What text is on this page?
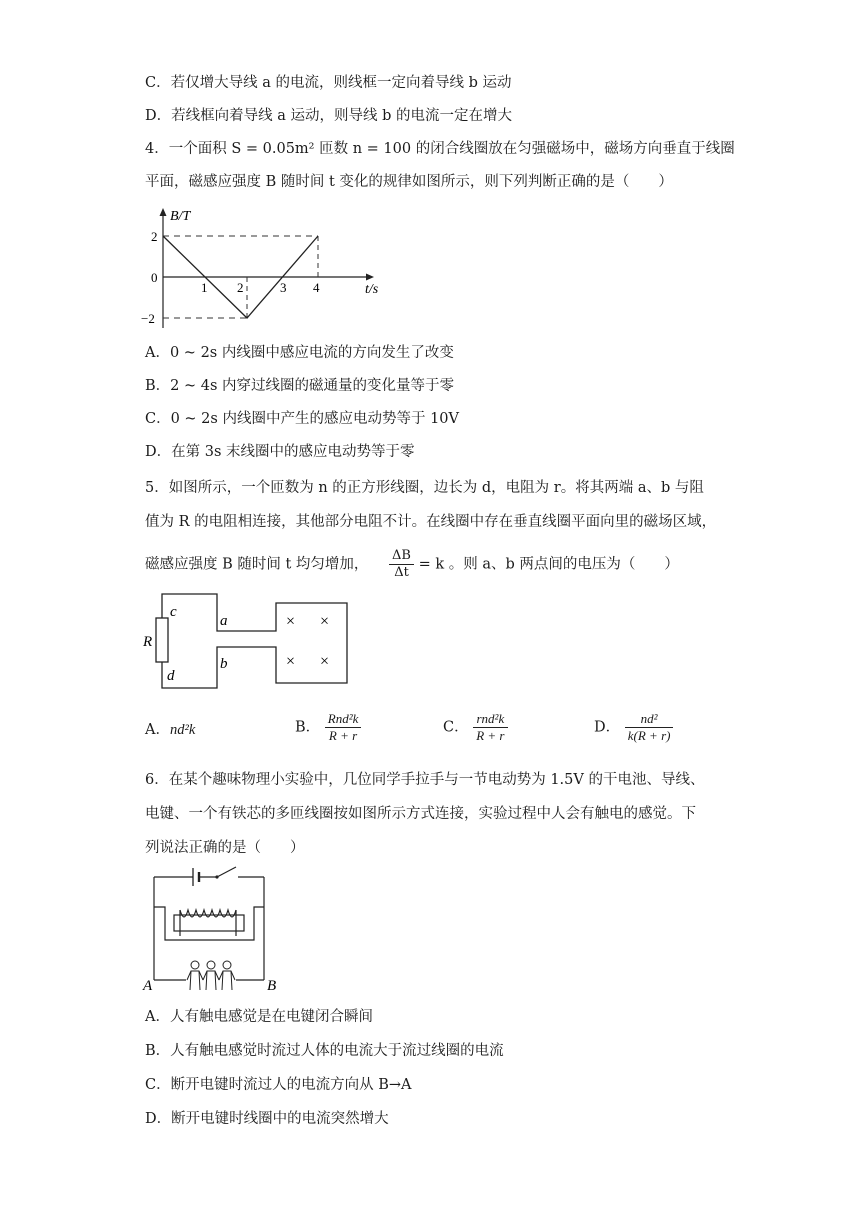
C．若仅增大导线 a 的电流，则线框一定向着导线 b 运动
D．若线框向着导线 a 运动，则导线 b 的电流一定在增大
4．一个面积 S = 0.05m² 匝数 n = 100 的闭合线圈放在匀强磁场中，磁场方向垂直于线圈
平面，磁感应强度 B 随时间 t 变化的规律如图所示，则下列判断正确的是（　　）
B/T
2
0
−2
1 2	3 4	t/s
A．0 ~ 2s 内线圈中感应电流的方向发生了改变
B．2 ~ 4s 内穿过线圈的磁通量的变化量等于零
C．0 ~ 2s 内线圈中产生的感应电动势等于 10V
D．在第 3s 末线圈中的感应电动势等于零
5．如图所示，一个匝数为 n 的正方形线圈，边长为 d，电阻为 r。将其两端 a、b 与阻
值为 R 的电阻相连接，其他部分电阻不计。在线圈中存在垂直线圈平面向里的磁场区域，
磁感应强度 B 随时间 t 均匀增加， $\frac{\Delta B}{\Delta t} = k$ 。则 a、b 两点间的电压为（　　）
c
R
d
a
b
× ×
× ×
A．nd²k	B． $\frac{\text{Rnd²k}}{R + r}$	C． $\frac{\text{rnd²k}}{R + r}$	D． $\frac{\text{nd²}}{k(R + r)}$
6．在某个趣味物理小实验中，几位同学手拉手与一节电动势为 1.5V 的干电池、导线、
电键、一个有铁芯的多匝线圈按如图所示方式连接，实验过程中人会有触电的感觉。下
列说法正确的是（　　）
A	B
A．人有触电感觉是在电键闭合瞬间
B．人有触电感觉时流过人体的电流大于流过线圈的电流
C．断开电键时流过人的电流方向从 B→A
D．断开电键时线圈中的电流突然增大
